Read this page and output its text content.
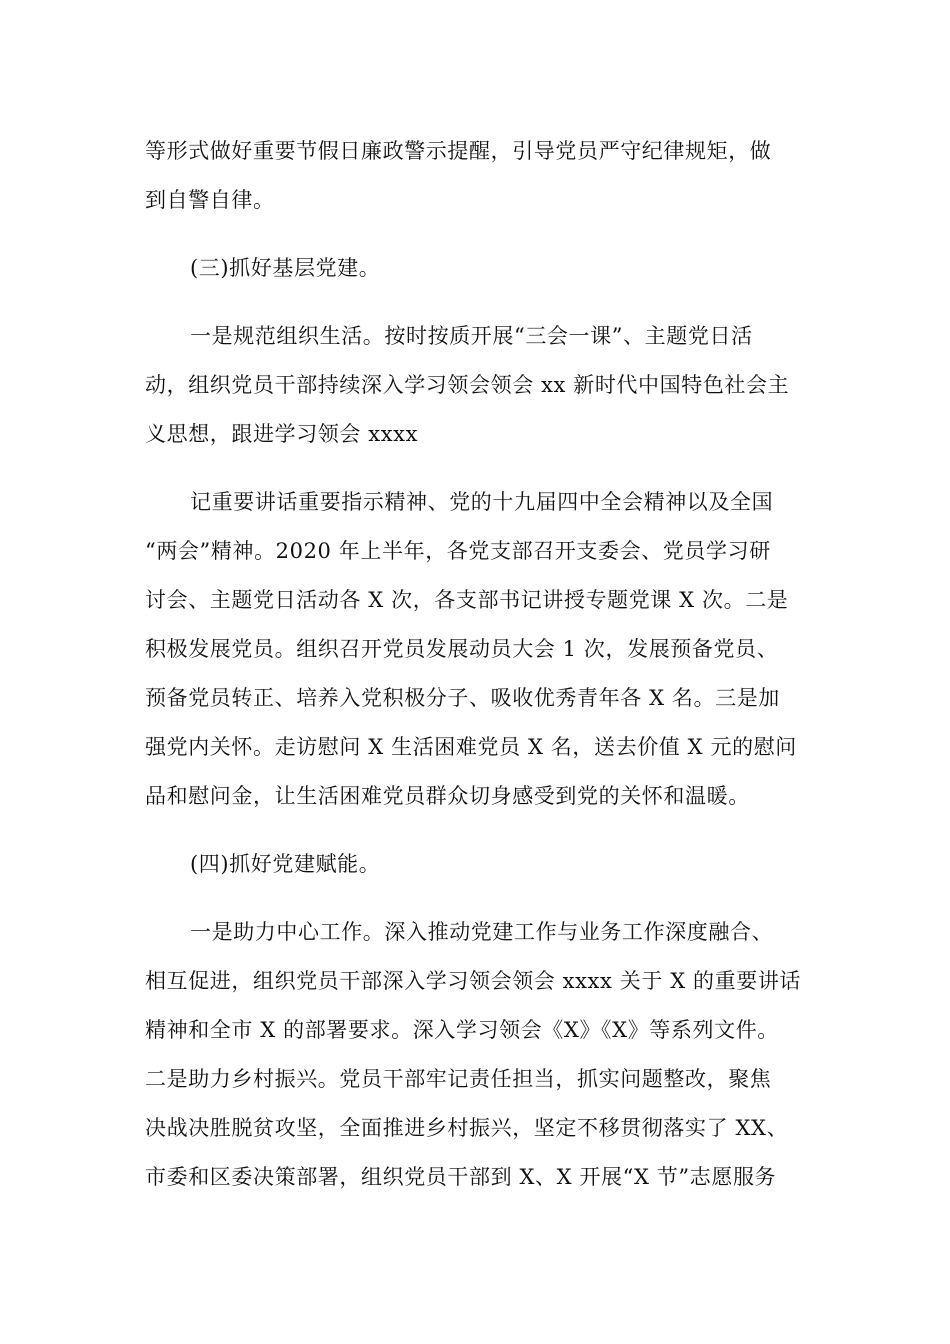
等形式做好重要节假日廉政警示提醒，引导党员严守纪律规矩，做
到自警自律。
(三)抓好基层党建。
一是规范组织生活。按时按质开展“三会一课”、主题党日活
动，组织党员干部持续深入学习领会领会 xx 新时代中国特色社会主
义思想，跟进学习领会 xxxx
记重要讲话重要指示精神、党的十九届四中全会精神以及全国
“两会”精神。2020 年上半年，各党支部召开支委会、党员学习研
讨会、主题党日活动各 X 次，各支部书记讲授专题党课 X 次。二是
积极发展党员。组织召开党员发展动员大会 1 次，发展预备党员、
预备党员转正、培养入党积极分子、吸收优秀青年各 X 名。三是加
强党内关怀。走访慰问 X 生活困难党员 X 名，送去价值 X 元的慰问
品和慰问金，让生活困难党员群众切身感受到党的关怀和温暖。
(四)抓好党建赋能。
一是助力中心工作。深入推动党建工作与业务工作深度融合、
相互促进，组织党员干部深入学习领会领会 xxxx 关于 X 的重要讲话
精神和全市 X 的部署要求。深入学习领会《X》《X》等系列文件。
二是助力乡村振兴。党员干部牢记责任担当，抓实问题整改，聚焦
决战决胜脱贫攻坚，全面推进乡村振兴，坚定不移贯彻落实了 XX、
市委和区委决策部署，组织党员干部到 X、X 开展“X 节”志愿服务
